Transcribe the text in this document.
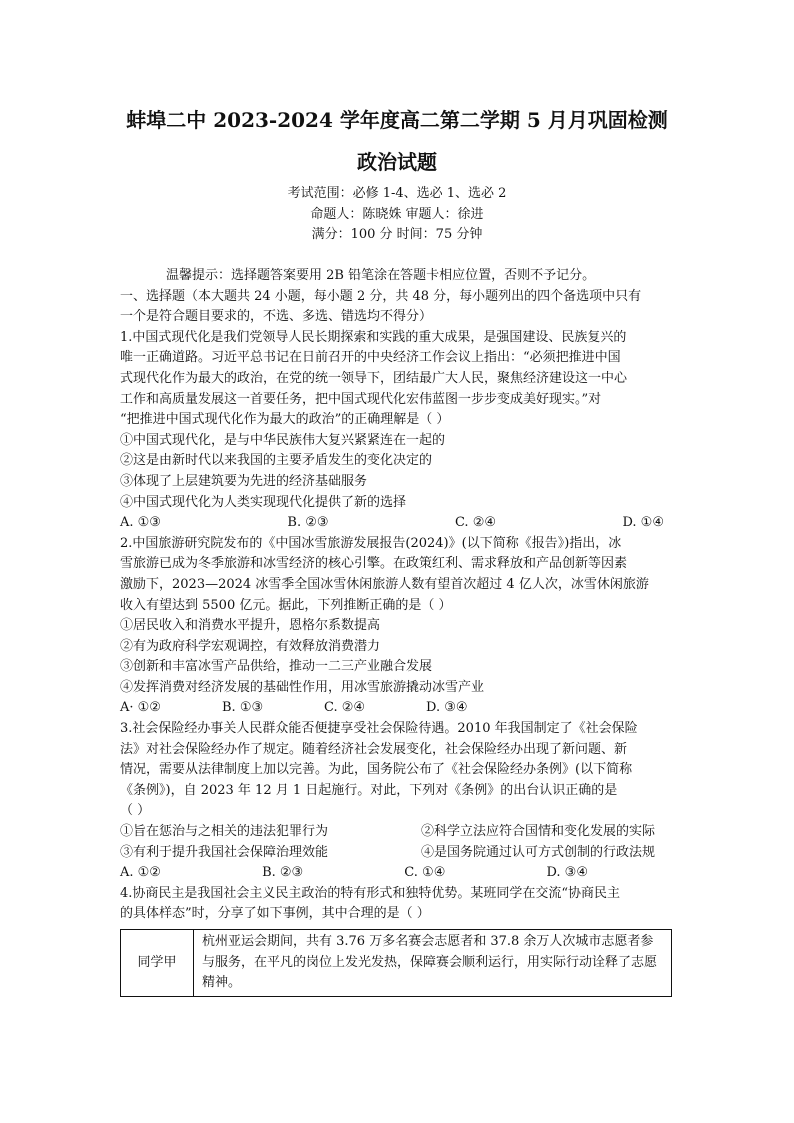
蚌埠二中 2023-2024 学年度高二第二学期 5 月月巩固检测
政治试题
考试范围：必修 1-4、选必 1、选必 2
命题人：陈晓姝 审题人：徐进
满分：100 分 时间：75 分钟

温馨提示：选择题答案要用 2B 铅笔涂在答题卡相应位置，否则不予记分。

一、选择题（本大题共 24 小题，每小题 2 分，共 48 分，每小题列出的四个备选项中只有

一个是符合题目要求的，不选、多选、错选均不得分）

1.中国式现代化是我们党领导人民长期探索和实践的重大成果，是强国建设、民族复兴的

唯一正确道路。习近平总书记在日前召开的中央经济工作会议上指出：“必须把推进中国

式现代化作为最大的政治，在党的统一领导下，团结最广大人民，聚焦经济建设这一中心

工作和高质量发展这一首要任务，把中国式现代化宏伟蓝图一步步变成美好现实。”对

“把推进中国式现代化作为最大的政治”的正确理解是（ ）

①中国式现代化，是与中华民族伟大复兴紧紧连在一起的

②这是由新时代以来我国的主要矛盾发生的变化决定的

③体现了上层建筑要为先进的经济基础服务

④中国式现代化为人类实现现代化提供了新的选择

A. ①③	B. ②③	C. ②④	D. ①④

2.中国旅游研究院发布的《中国冰雪旅游发展报告(2024)》(以下简称《报告》)指出，冰

雪旅游已成为冬季旅游和冰雪经济的核心引擎。在政策红利、需求释放和产品创新等因素

激励下，2023—2024 冰雪季全国冰雪休闲旅游人数有望首次超过 4 亿人次，冰雪休闲旅游

收入有望达到 5500 亿元。据此，下列推断正确的是（ ）

①居民收入和消费水平提升，恩格尔系数提高

②有为政府科学宏观调控，有效释放消费潜力

③创新和丰富冰雪产品供给，推动一二三产业融合发展

④发挥消费对经济发展的基础性作用，用冰雪旅游撬动冰雪产业

A· ①②	B. ①③	C. ②④	D. ③④

3.社会保险经办事关人民群众能否便捷享受社会保险待遇。2010 年我国制定了《社会保险

法》对社会保险经办作了规定。随着经济社会发展变化，社会保险经办出现了新问题、新

情况，需要从法律制度上加以完善。为此，国务院公布了《社会保险经办条例》(以下简称

《条例》)，自 2023 年 12 月 1 日起施行。对此，下列对《条例》的出台认识正确的是

（ ）

①旨在惩治与之相关的违法犯罪行为	②科学立法应符合国情和变化发展的实际
③有利于提升我国社会保障治理效能	④是国务院通过认可方式创制的行政法规
A. ①②	B. ②③	C. ①④	D. ③④

4.协商民主是我国社会主义民主政治的特有形式和独特优势。某班同学在交流“协商民主

的具体样态”时，分享了如下事例，其中合理的是（ ）

同学甲	杭州亚运会期间，共有 3.76 万多名赛会志愿者和 37.8 余万人次城市志愿者参与服务，在平凡的岗位上发光发热，保障赛会顺利运行，用实际行动诠释了志愿精神。
